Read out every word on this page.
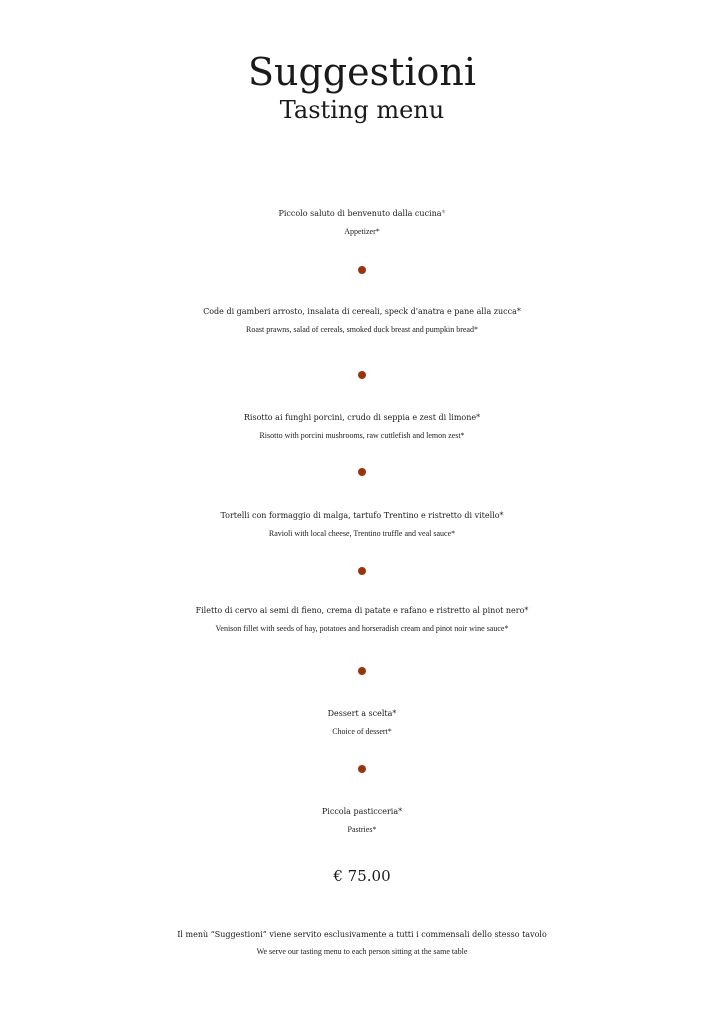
Suggestioni
Tasting menu
Piccolo saluto di benvenuto dalla cucina*
Appetizer*
Code di gamberi arrosto, insalata di cereali, speck d'anatra e pane alla zucca*
Roast prawns, salad of cereals, smoked duck breast and pumpkin bread*
Risotto ai funghi porcini, crudo di seppia e zest di limone*
Risotto with porcini mushrooms, raw cuttlefish and lemon zest*
Tortelli con formaggio di malga, tartufo Trentino e ristretto di vitello*
Ravioli with local cheese, Trentino truffle and veal sauce*
Filetto di cervo ai semi di fieno, crema di patate e rafano e ristretto al pinot nero*
Venison fillet with seeds of hay, potatoes and horseradish cream and pinot noir wine sauce*
Dessert a scelta*
Choice of dessert*
Piccola pasticceria*
Pastries*
€ 75.00
Il menù “Suggestioni” viene servito esclusivamente a tutti i commensali dello stesso tavolo
We serve our tasting menu to each person sitting at the same table
